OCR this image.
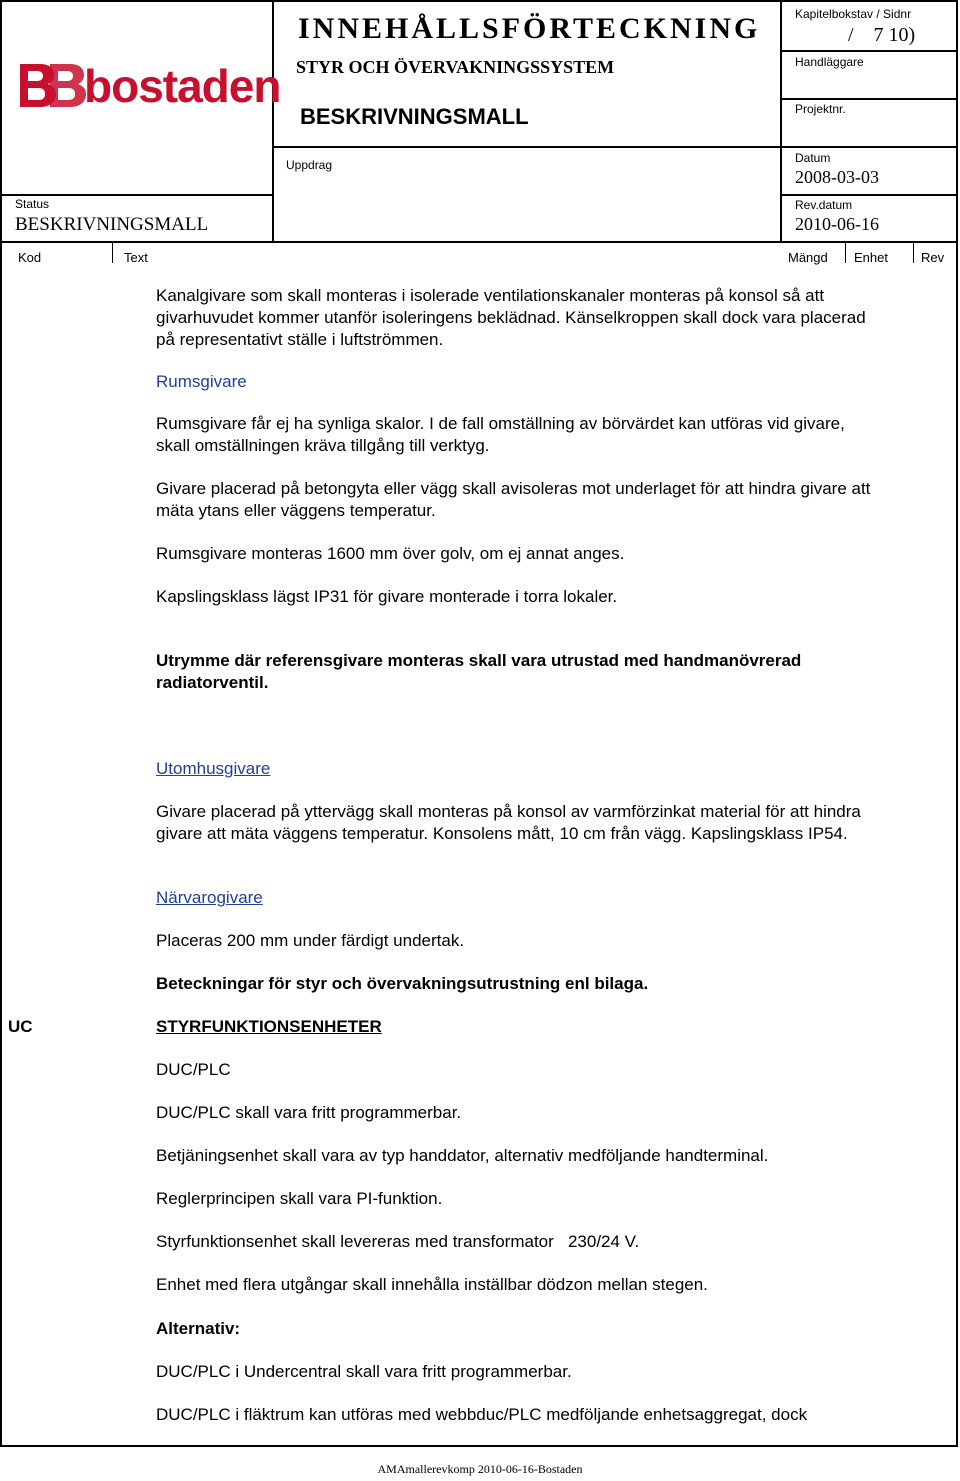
bostaden
INNEHÅLLSFÖRTECKNING
STYR OCH ÖVERVAKNINGSSYSTEM
BESKRIVNINGSMALL
Uppdrag
Status
BESKRIVNINGSMALL
Kapitelbokstav / Sidnr
/    7 10)
Handläggare
Projektnr.
Datum
2008-03-03
Rev.datum
2010-06-16
Kod	Text	Mängd Enhet	Rev
Kanalgivare som skall monteras i isolerade ventilationskanaler monteras på konsol så att
givarhuvudet kommer utanför isoleringens beklädnad. Känselkroppen skall dock vara placerad
på representativt ställe i luftströmmen.
Rumsgivare
Rumsgivare får ej ha synliga skalor. I de fall omställning av börvärdet kan utföras vid givare,
skall omställningen kräva tillgång till verktyg.
Givare placerad på betongyta eller vägg skall avisoleras mot underlaget för att hindra givare att
mäta ytans eller väggens temperatur.
Rumsgivare monteras 1600 mm över golv, om ej annat anges.
Kapslingsklass lägst IP31 för givare monterade i torra lokaler.
Utrymme där referensgivare monteras skall vara utrustad med handmanövrerad
radiatorventil.
Utomhusgivare
Givare placerad på yttervägg skall monteras på konsol av varmförzinkat material för att hindra
givare att mäta väggens temperatur. Konsolens mått, 10 cm från vägg. Kapslingsklass IP54.
Närvarogivare
Placeras 200 mm under färdigt undertak.
Beteckningar för styr och övervakningsutrustning enl bilaga.
UC	STYRFUNKTIONSENHETER
DUC/PLC
DUC/PLC skall vara fritt programmerbar.
Betjäningsenhet skall vara av typ handdator, alternativ medföljande handterminal.
Reglerprincipen skall vara PI-funktion.
Styrfunktionsenhet skall levereras med transformator   230/24 V.
Enhet med flera utgångar skall innehålla inställbar dödzon mellan stegen.
Alternativ:
DUC/PLC i Undercentral skall vara fritt programmerbar.
DUC/PLC i fläktrum kan utföras med webbduc/PLC medföljande enhetsaggregat, dock
AMAmallerevkomp 2010-06-16-Bostaden
